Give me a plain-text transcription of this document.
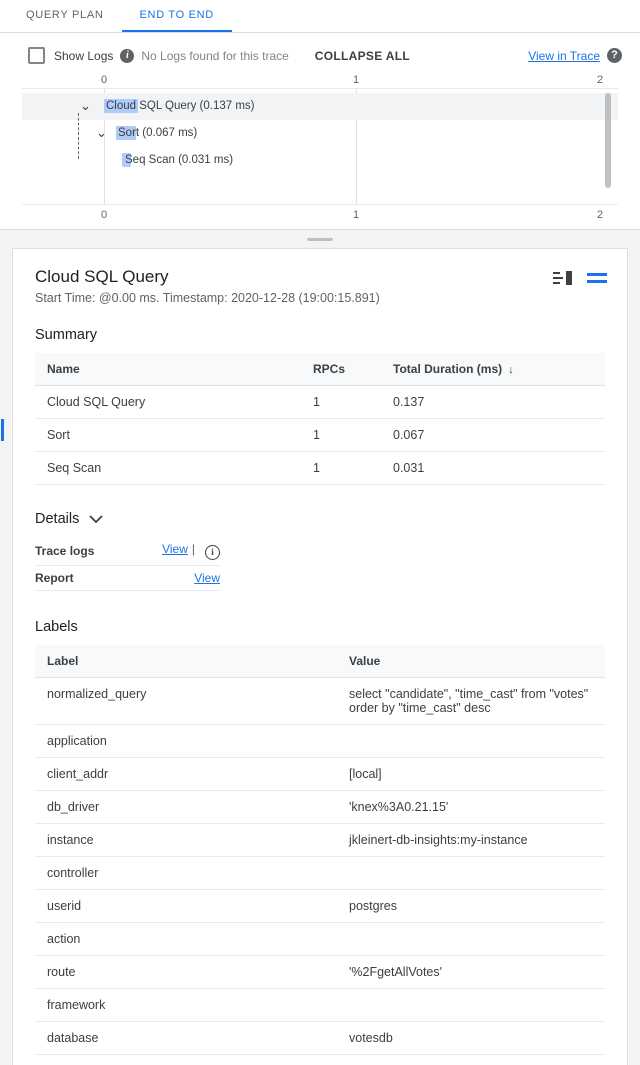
QUERY PLAN	END TO END
Show Logs	i	No Logs found for this trace COLLAPSE ALL	View in Trace	?
0	1	2
⌄ Cloud SQL Query (0.137 ms)
⌄ Sort (0.067 ms)
Seq Scan (0.031 ms)
0	1	2
Cloud SQL Query
Start Time: @0.00 ms. Timestamp: 2020-12-28 (19:00:15.891)
Summary
Name	RPCs	Total Duration (ms) ↓
Cloud SQL Query	1	0.137
Sort	1	0.067
Seq Scan	1	0.031
Details
Trace logs	View | i
Report	View
Labels
Label	Value
normalized_query	select "candidate", "time_cast" from "votes" order by "time_cast" desc
application	
client_addr	[local]
db_driver	'knex%3A0.21.15'
instance	jkleinert-db-insights:my-instance
controller	
userid	postgres
action	
route	'%2FgetAllVotes'
framework	
database	votesdb
